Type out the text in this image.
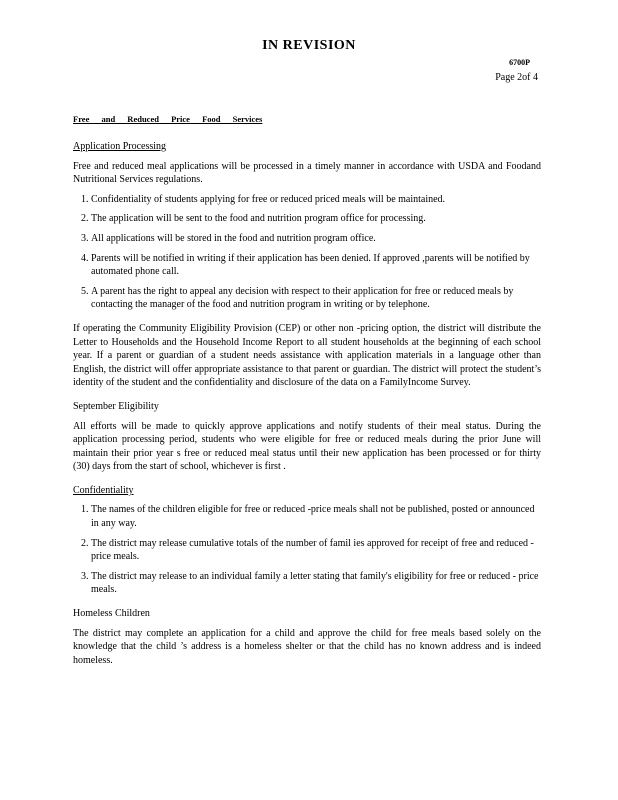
IN REVISION
6700P
Page 2of 4
Free and Reduced Price Food Services
Application Processing

Free and reduced meal applications will be processed in a timely manner in accordance with USDA and Foodand Nutritional Services regulations.

1. Confidentiality of students applying for free or reduced priced meals will be maintained.
2. The application will be sent to the food and nutrition program office for processing.
3. All applications will be stored in the food and nutrition program office.
4. Parents will be notified in writing if their application has been denied. If approved ,parents will be notified by automated phone call.
5. A parent has the right to appeal any decision with respect to their application for free or reduced meals by contacting the manager of the food and nutrition program in writing or by telephone.

If operating the Community Eligibility Provision (CEP) or other non -pricing option, the district will distribute the Letter to Households and the Household Income Report to all student households at the beginning of each school year. If a parent or guardian of a student needs assistance with application materials in a language other than English, the district will offer appropriate assistance to that parent or guardian. The district will protect the student’s identity of the student and the confidentiality and disclosure of the data on a FamilyIncome Survey.

September Eligibility

All efforts will be made to quickly approve applications and notify students of their meal status. During the application processing period, students who were eligible for free or reduced meals during the prior June will maintain their prior year s free or reduced meal status until their new application has been processed or for thirty (30) days from the start of school, whichever is first .

Confidentiality
1. The names of the children eligible for free or reduced -price meals shall not be published, posted or announced in any way.
2. The district may release cumulative totals of the number of famil ies approved for receipt of free and reduced -price meals.
3. The district may release to an individual family a letter stating that family's eligibility for free or reduced - price meals.
Homeless Children

The district may complete an application for a child and approve the child for free meals based solely on the knowledge that the child ’s address is a homeless shelter or that the child has no known address and is indeed homeless.
